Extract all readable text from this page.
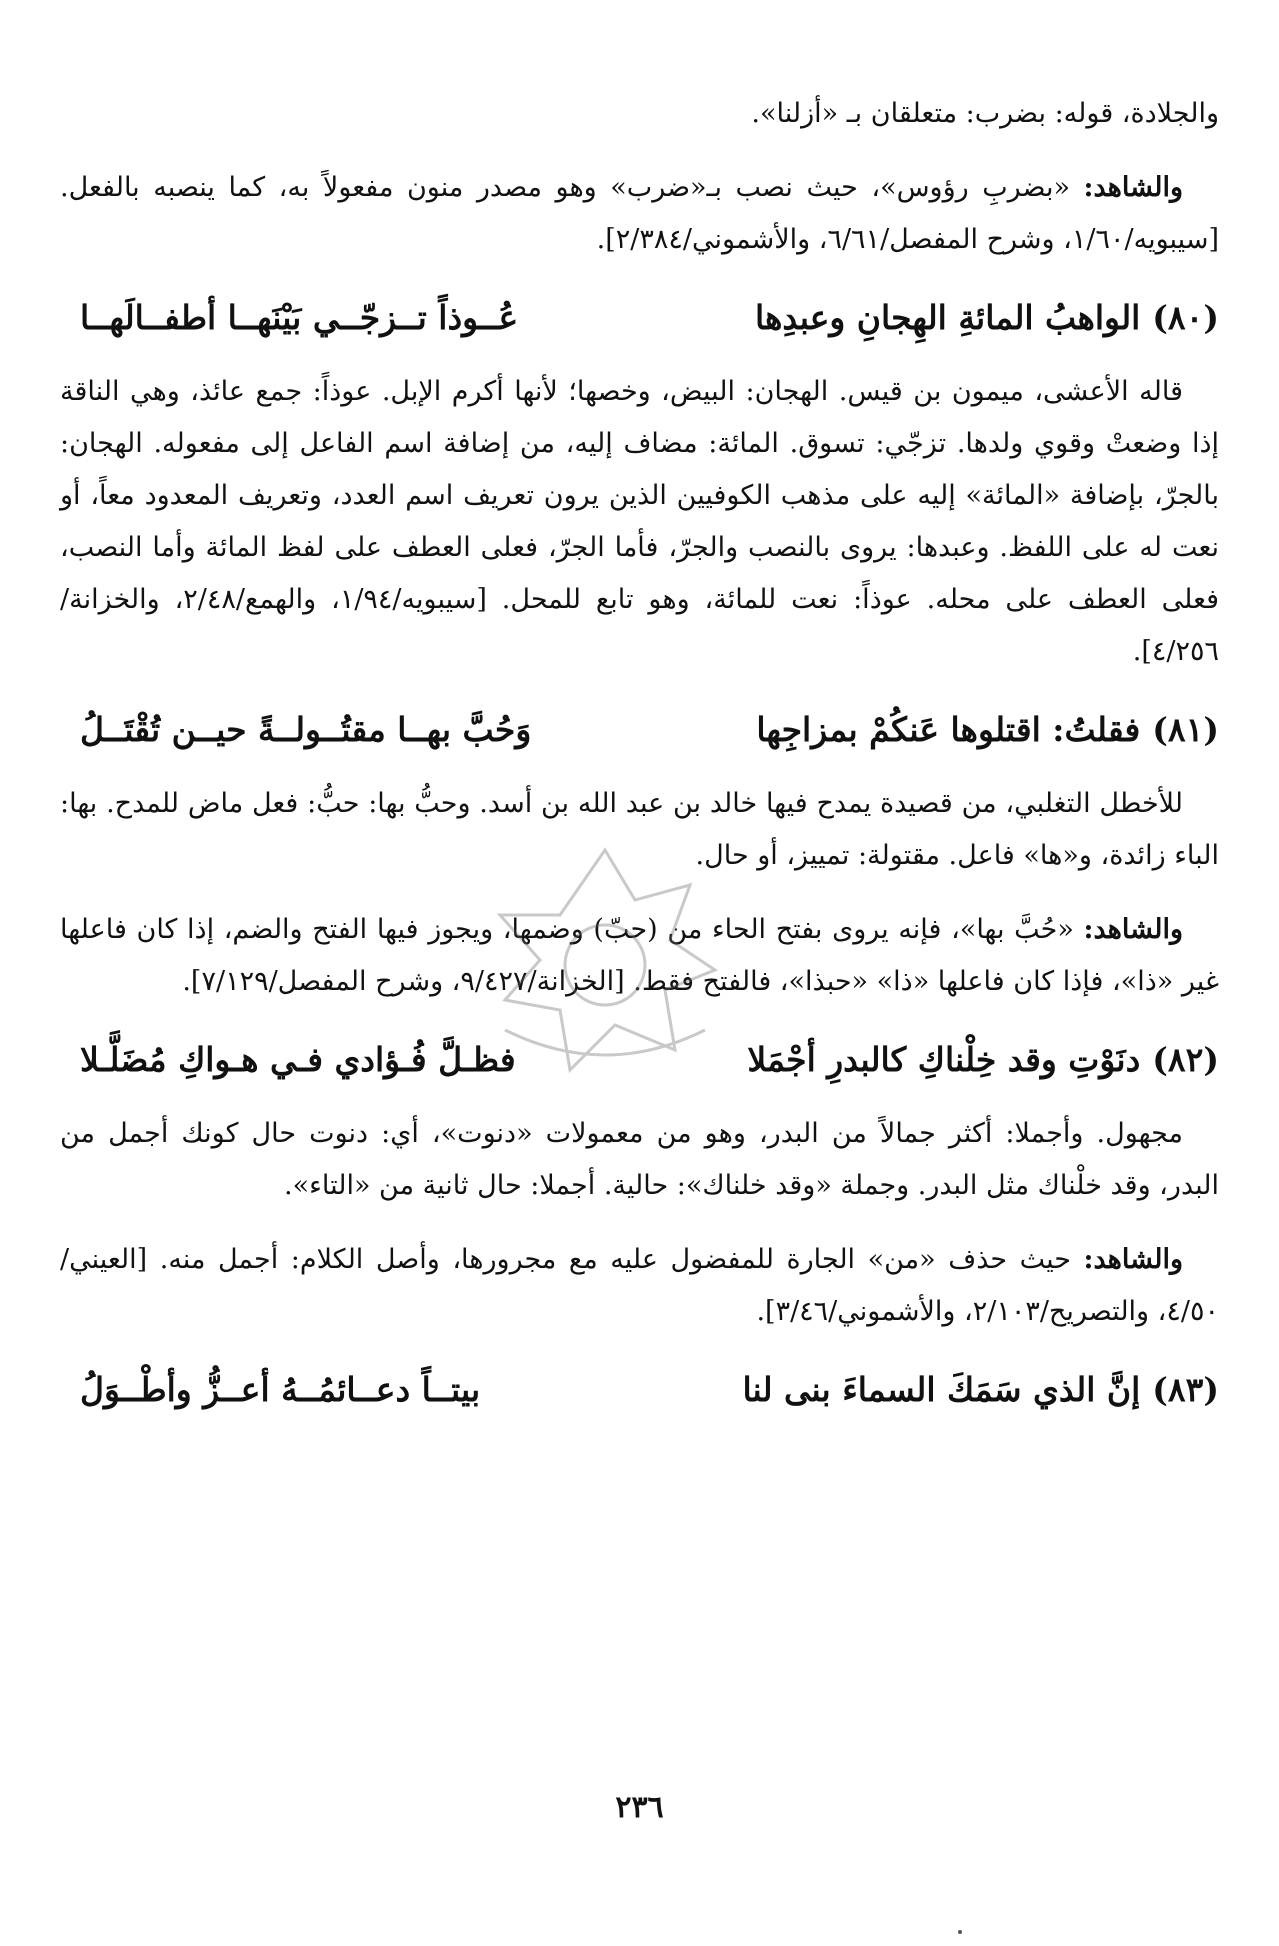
والجلادة، قوله: بضرب: متعلقان بـ «أزلنا».

والشاهد: «بضربِ رؤوس»، حيث نصب بـ«ضرب» وهو مصدر منون مفعولاً به، كما ينصبه بالفعل. [سيبويه/١/٦٠، وشرح المفصل/٦/٦١، والأشموني/٢/٣٨٤].

(٨٠)
الواهبُ المائةِ الهِجانِ وعبدِها
عُــوذاً تــزجّــي بَيْنَهــا أطفــالَهــا

قاله الأعشى، ميمون بن قيس. الهجان: البيض، وخصها؛ لأنها أكرم الإبل. عوذاً: جمع عائذ، وهي الناقة إذا وضعتْ وقوي ولدها. تزجّي: تسوق. المائة: مضاف إليه، من إضافة اسم الفاعل إلى مفعوله. الهجان: بالجرّ، بإضافة «المائة» إليه على مذهب الكوفيين الذين يرون تعريف اسم العدد، وتعريف المعدود معاً، أو نعت له على اللفظ. وعبدها: يروى بالنصب والجرّ، فأما الجرّ، فعلى العطف على لفظ المائة وأما النصب، فعلى العطف على محله. عوذاً: نعت للمائة، وهو تابع للمحل. [سيبويه/١/٩٤، والهمع/٢/٤٨، والخزانة/٤/٢٥٦].

(٨١)
فقلتُ: اقتلوها عَنكُمْ بمزاجِها
وَحُبَّ بهــا مقتُــولــةً حيــن تُقْتَــلُ

للأخطل التغلبي، من قصيدة يمدح فيها خالد بن عبد الله بن أسد. وحبُّ بها: حبُّ: فعل ماض للمدح. بها: الباء زائدة، و«ها» فاعل. مقتولة: تمييز، أو حال.

والشاهد: «حُبَّ بها»، فإنه يروى بفتح الحاء من (حبّ) وضمها، ويجوز فيها الفتح والضم، إذا كان فاعلها غير «ذا»، فإذا كان فاعلها «ذا» «حبذا»، فالفتح فقط. [الخزانة/٩/٤٢٧، وشرح المفصل/٧/١٢٩].

(٨٢)
دنَوْتِ وقد خِلْناكِ كالبدرِ أجْمَلا
فظـلَّ فُـؤادي فـي هـواكِ مُضَلَّـلا

مجهول. وأجملا: أكثر جمالاً من البدر، وهو من معمولات «دنوت»، أي: دنوت حال كونك أجمل من البدر، وقد خلْناك مثل البدر. وجملة «وقد خلناك»: حالية. أجملا: حال ثانية من «التاء».

والشاهد: حيث حذف «من» الجارة للمفضول عليه مع مجرورها، وأصل الكلام: أجمل منه. [العيني/٤/٥٠، والتصريح/٢/١٠٣، والأشموني/٣/٤٦].

(٨٣)
إنَّ الذي سَمَكَ السماءَ بنى لنا
بيتــاً دعــائمُــهُ أعــزُّ وأطْــوَلُ
٢٣٦
